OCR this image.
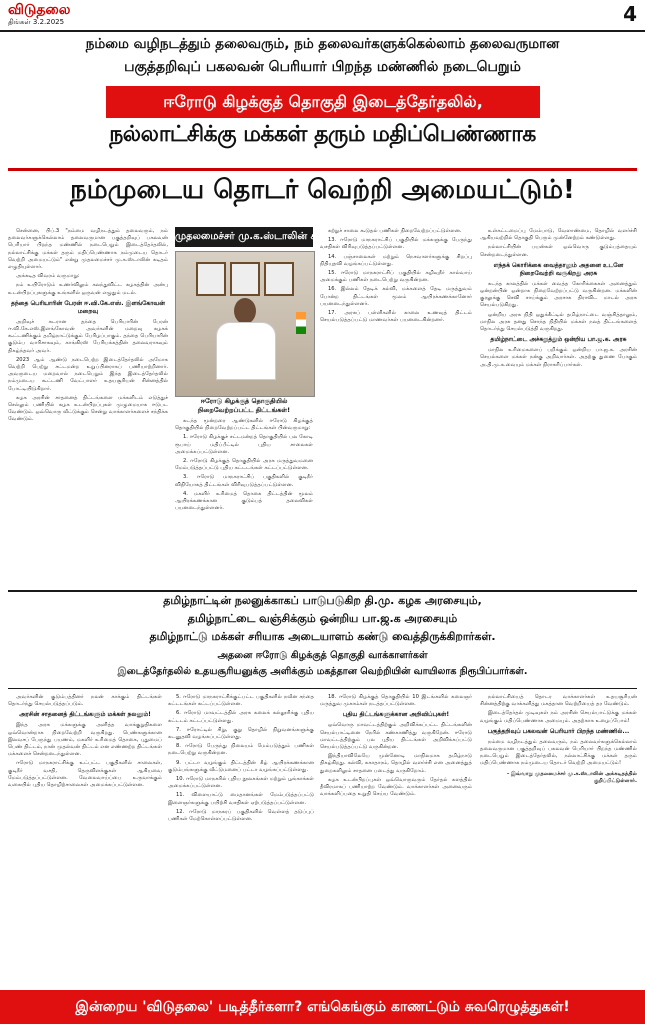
விடுதலை
திங்கள் 3.2.2025	4
நம்மை வழிநடத்தும் தலைவரும், நம் தலைவர்களுக்கெல்லாம் தலைவருமான
பகுத்தறிவுப் பகலவன் பெரியார் பிறந்த மண்ணில் நடைபெறும்
ஈரோடு கிழக்குத் தொகுதி இடைத்தேர்தலில்,
நல்லாட்சிக்கு மக்கள் தரும் மதிப்பெண்ணாக
நம்முடைய தொடர் வெற்றி அமையட்டும்!

சென்னை, பிப்.3 "நம்மை வழிநடத்தும் தலைவரும், நம் தலைவர்களுக்கெல்லாம் தலைவருமான பகுத்தறிவுப் பகலவன் பெரியார் பிறந்த மண்ணில் நடைபெறும் இடைத்தேர்தலில், நல்லாட்சிக்கு மக்கள் தரும் மதிப்பெண்ணாக நம்முடைய தொடர் வெற்றி அமையட்டும்" என்று முதலமைச்சர் மு.க.ஸ்டாலின் கடிதம் எழுதியுள்ளார்.

அக்கடித விவரம் வருமாறு:

நம் உயிரோடும் உணர்விலும் கலந்துவிட்ட கழகத்தின் அன்பு உடன்பிறப்புகளுக்கு உங்களில் ஒருவன் எழுதும் மடல்.

தந்தை பெரியாரின் பேரன் ஈ.வி.கே.எஸ். இளங்கோவன் மறைவு

அறிவுச் சுடரான தந்தை பெரியாரின் பேரன் ஈ.வி.கே.எஸ்.இளங்கோவன் அவர்களின் மறைவு கழகக் கூட்டணிக்கும் தமிழ்நாட்டுக்கும் பேரிழப்பாகும். தந்தை பெரியாரின் குடும்ப வாரிசாகவும், காங்கிரஸ் பேரியக்கத்தின் தலைவராகவும் திகழ்ந்தவர் அவர்.

2023 ஆம் ஆண்டு நடைபெற்ற இடைத்தேர்தலில் அமோக வெற்றி பெற்று சட்டமன்ற உறுப்பினராகப் பணியாற்றினார். அவருடைய மறைவால் நடைபெறும் இந்த இடைத்தேர்தலில் நம்முடைய கூட்டணி வேட்பாளர் உதயசூரியன் சின்னத்தில் போட்டியிடுகிறார்.

கழக அரசின் சாதனைத் திட்டங்களை மக்களிடம் எடுத்துச் செல்லும் பணியில் கழக உடன்பிறப்புகள் முழுமையாக ஈடுபட வேண்டும். ஒவ்வொரு வீட்டுக்கும் சென்று வாக்காளர்களைச் சந்திக்க வேண்டும்.

முதலமைச்சர் மு.க.ஸ்டாலின் கடிதம்
ஈரோடு கிழக்குத் தொகுதியில் நிறைவேற்றப்பட்ட திட்டங்கள்!

கடந்த மூன்றரை ஆண்டுகளில் ஈரோடு கிழக்குத் தொகுதியில் நிறைவேற்றப்பட்ட திட்டங்கள் பின்வருமாறு:

1. ஈரோடு கிழக்குச் சட்டமன்றத் தொகுதியில் பல கோடி ரூபாய் மதிப்பீட்டில் புதிய சாலைகள் அமைக்கப்பட்டுள்ளன.

2. ஈரோடு கிழக்குத் தொகுதியில் அரசு மருத்துவமனை மேம்படுத்தப்பட்டு புதிய கட்டடங்கள் கட்டப்பட்டுள்ளன.

3. ஈரோடு மாநகராட்சிப் பகுதிகளில் குடிநீர் விநியோகத் திட்டங்கள் விரிவுபடுத்தப்பட்டுள்ளன.

4. மகளிர் உரிமைத் தொகை திட்டத்தின் மூலம் ஆயிரக்கணக்கான குடும்பத் தலைவிகள் பயனடைந்துள்ளனர்.

சுற்றுச் சாலை கூடுதல் பணிகள் நிறைவேற்றப்பட்டுள்ளன.

13. ஈரோடு மாநகராட்சிப் பகுதியில் மக்களுக்கு பேருந்து வசதிகள் விரிவுபடுத்தப்பட்டுள்ளன.

14. பஞ்சாலைகள் மற்றும் நெசவாளர்களுக்கு சிறப்பு நிதியுதவி வழங்கப்பட்டுள்ளது.

15. ஈரோடு மாநகராட்சிப் பகுதியில் கழிவுநீர் கால்வாய் அமைக்கும் பணிகள் நடைபெற்று வருகின்றன.

16. இல்லம் தேடிக் கல்வி, மக்களைத் தேடி மருத்துவம் போன்ற திட்டங்கள் மூலம் ஆயிரக்கணக்கானோர் பயனடைந்துள்ளனர்.

17. அரசுப் பள்ளிகளில் காலை உணவுத் திட்டம் செயல்படுத்தப்பட்டு மாணவர்கள் பயனடைகின்றனர்.

உள்கட்டமைப்பு மேம்பாடு, வேளாண்மை, தொழில் வளர்ச்சி ஆகியவற்றில் தொகுதி பெரும் முன்னேற்றம் கண்டுள்ளது.

நல்லாட்சியின் பயன்கள் ஒவ்வொரு குடும்பத்தையும் சென்றடைந்துள்ளன.

எந்தக் கொரிக்கை வைத்தாலும் அதனை உடனே நிறைவேற்றி வருகிறது அரசு

கடந்த காலத்தில் மக்கள் வைத்த கோரிக்கைகள் அனைத்தும் ஒன்றன்பின் ஒன்றாக நிறைவேற்றப்பட்டு வருகின்றன. மக்களின் குரலுக்கு செவி சாய்க்கும் அரசாக திராவிட மாடல் அரசு செயல்படுகிறது.

ஒன்றிய அரசு நிதி ஒதுக்கீட்டில் தமிழ்நாட்டை வஞ்சித்தாலும், மாநில அரசு தனது சொந்த நிதியில் மக்கள் நலத் திட்டங்களைத் தொடர்ந்து செயல்படுத்தி வருகிறது.

தமிழ்நாட்டை அச்சுறுத்தும் ஒன்றிய பா.ஜ.க. அரசு

மாநில உரிமைகளைப் பறிக்கும் ஒன்றிய பா.ஜ.க. அரசின் செயல்களை மக்கள் நன்கு அறிவார்கள். அதற்கு துணை போகும் அ.தி.மு.க.வையும் மக்கள் நிராகரிப்பார்கள்.

தமிழ்நாட்டின் நலனுக்காகப் பாடுபடுகிற தி.மு. கழக அரசையும்,
தமிழ்நாட்டை வஞ்சிக்கும் ஒன்றிய பா.ஜ.க அரசையும்
தமிழ்நாட்டு மக்கள் சரியாக அடையாளம் கண்டு வைத்திருக்கிறார்கள்.
அதனை ஈரோடு கிழக்குத் தொகுதி வாக்காளர்கள்
இடைத்தேர்தலில் உதயசூரியனுக்கு அளிக்கும் மகத்தான வெற்றியின் வாயிலாக நிரூபிப்பார்கள்.

அவர்களின் குடும்பத்தினர் நலன் காக்கும் திட்டங்கள் தொடர்ந்து செயல்படுத்தப்படும்.

அரசின் சாதனைத் திட்டங்களும் மக்கள் நலனும்!

இந்த அரசு மக்களுக்கு அளித்த வாக்குறுதிகளை ஒவ்வொன்றாக நிறைவேற்றி வருகிறது. பெண்களுக்கான இலவசப் பேருந்து பயணம், மகளிர் உரிமைத் தொகை, புதுமைப் பெண் திட்டம், நான் முதல்வன் திட்டம் என எண்ணற்ற திட்டங்கள் மக்களைச் சென்றடைந்துள்ளன.

ஈரோடு மாநகராட்சிக்கு உட்பட்ட பகுதிகளில் சாலைகள், குடிநீர் வசதி, தெருவிளக்குகள் ஆகியவை மேம்படுத்தப்பட்டுள்ளன. வேலைவாய்ப்பை உருவாக்கும் வகையில் புதிய தொழிற்சாலைகள் அமைக்கப்பட்டுள்ளன.

5. ஈரோடு மாநகராட்சிக்குட்பட்ட பகுதிகளில் நவீன சந்தை கட்டடங்கள் கட்டப்பட்டுள்ளன.

6. ஈரோடு மாவட்டத்தில் அரசு கலைக் கல்லூரிக்கு புதிய கட்டடம் கட்டப்பட்டுள்ளது.

7. ஈரோட்டில் சிறு, குறு தொழில் நிறுவனங்களுக்கு கடனுதவி வழங்கப்பட்டுள்ளது.

8. ஈரோடு பேருந்து நிலையம் மேம்படுத்தும் பணிகள் நடைபெற்று வருகின்றன.

9. பட்டா வழங்கும் திட்டத்தின் கீழ் ஆயிரக்கணக்கான குடும்பங்களுக்கு வீட்டுமனைப் பட்டா வழங்கப்பட்டுள்ளது.

10. ஈரோடு மாநகரில் புதிய நூலகங்கள் மற்றும் பூங்காக்கள் அமைக்கப்பட்டுள்ளன.

11. விளையாட்டு மைதானங்கள் மேம்படுத்தப்பட்டு இளைஞர்களுக்கு பயிற்சி வசதிகள் ஏற்படுத்தப்பட்டுள்ளன.

12. ஈரோடு மாநகரப் பகுதிகளில் வெள்ளத் தடுப்புப் பணிகள் மேற்கொள்ளப்பட்டுள்ளன.

18. ஈரோடு கிழக்குத் தொகுதியில் 10 இடங்களில் கலைஞர் மருத்துவ முகாம்கள் நடத்தப்பட்டுள்ளன.

புதிய திட்டங்களுக்கான அறிவிப்புகள்!

ஒவ்வொரு மாவட்டத்திற்கும் அறிவிக்கப்பட்ட திட்டங்களின் செயல்பாட்டினை நேரில் கண்காணித்து வருகிறேன். ஈரோடு மாவட்டத்திற்கும் பல புதிய திட்டங்கள் அறிவிக்கப்பட்டு செயல்படுத்தப்பட்டு வருகின்றன.

இந்தியாவிலேயே முன்னோடி மாநிலமாக தமிழ்நாடு திகழ்கிறது. கல்வி, சுகாதாரம், தொழில் வளர்ச்சி என அனைத்துத் துறைகளிலும் சாதனை படைத்து வருகிறோம்.

கழக உடன்பிறப்புகள் ஒவ்வொருவரும் தேர்தல் களத்தில் தீவிரமாகப் பணியாற்ற வேண்டும். வாக்காளர்கள் அனைவரும் வாக்களிப்பதை உறுதி செய்ய வேண்டும்.

நல்லாட்சியைத் தொடர வாக்காளர்கள் உதயசூரியன் சின்னத்திற்கு வாக்களித்து மகத்தான வெற்றியைத் தர வேண்டும்.

இடைத்தேர்தல் முடிவுகள் நம் அரசின் செயல்பாட்டுக்கு மக்கள் வழங்கும் மதிப்பெண்ணாக அமையும். அதற்காக உழைப்போம்!

பகுத்தறிவுப் பகலவன் பெரியார் பிறந்த மண்ணில்...

நம்மை வழிநடத்தும் தலைவரும், நம் தலைவர்களுக்கெல்லாம் தலைவருமான பகுத்தறிவுப் பகலவன் பெரியார் பிறந்த மண்ணில் நடைபெறும் இடைத்தேர்தலில், நல்லாட்சிக்கு மக்கள் தரும் மதிப்பெண்ணாக நம்முடைய தொடர் வெற்றி அமையட்டும்!

- இவ்வாறு முதலமைச்சர் மு.க.ஸ்டாலின் அக்கடிதத்தில் குறிப்பிட்டுள்ளார்.
இன்றைய 'விடுதலை' படித்தீர்களா? எங்கெங்கும் காணட்டும் சுவரெழுத்துகள்!
